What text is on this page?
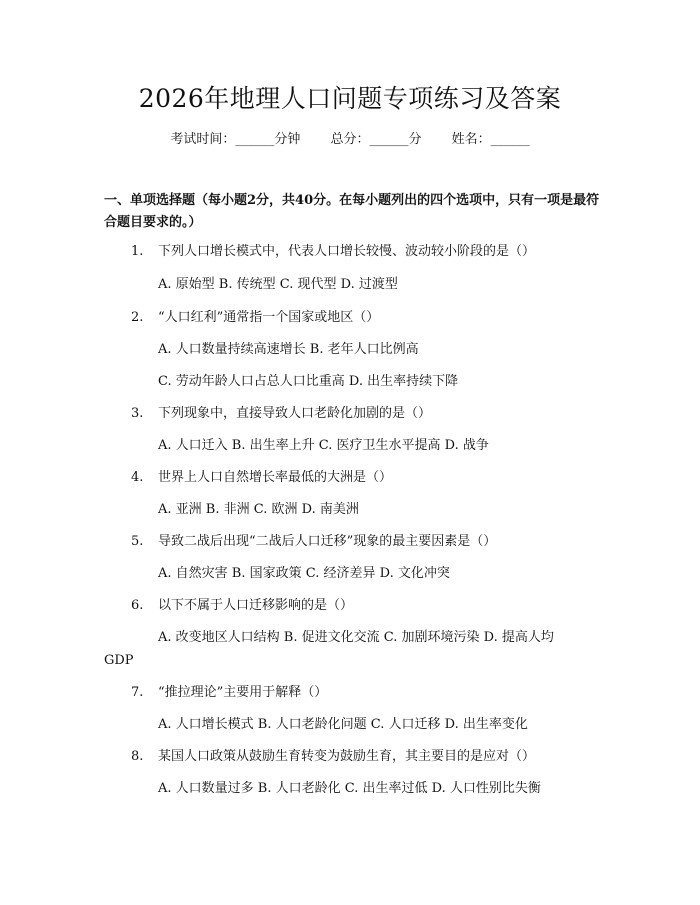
2026年地理人口问题专项练习及答案
考试时间：______分钟 总分：______分 姓名：______
一、单项选择题（每小题2分，共40分。在每小题列出的四个选项中，只有一项是最符合题目要求的。）
1. 下列人口增长模式中，代表人口增长较慢、波动较小阶段的是（）
A. 原始型 B. 传统型 C. 现代型 D. 过渡型
2. “人口红利”通常指一个国家或地区（）
A. 人口数量持续高速增长 B. 老年人口比例高
C. 劳动年龄人口占总人口比重高 D. 出生率持续下降
3. 下列现象中，直接导致人口老龄化加剧的是（）
A. 人口迁入 B. 出生率上升 C. 医疗卫生水平提高 D. 战争
4. 世界上人口自然增长率最低的大洲是（）
A. 亚洲 B. 非洲 C. 欧洲 D. 南美洲
5. 导致二战后出现“二战后人口迁移”现象的最主要因素是（）
A. 自然灾害 B. 国家政策 C. 经济差异 D. 文化冲突
6. 以下不属于人口迁移影响的是（）
A. 改变地区人口结构 B. 促进文化交流 C. 加剧环境污染 D. 提高人均
GDP
7. “推拉理论”主要用于解释（）
A. 人口增长模式 B. 人口老龄化问题 C. 人口迁移 D. 出生率变化
8. 某国人口政策从鼓励生育转变为鼓励生育，其主要目的是应对（）
A. 人口数量过多 B. 人口老龄化 C. 出生率过低 D. 人口性别比失衡
